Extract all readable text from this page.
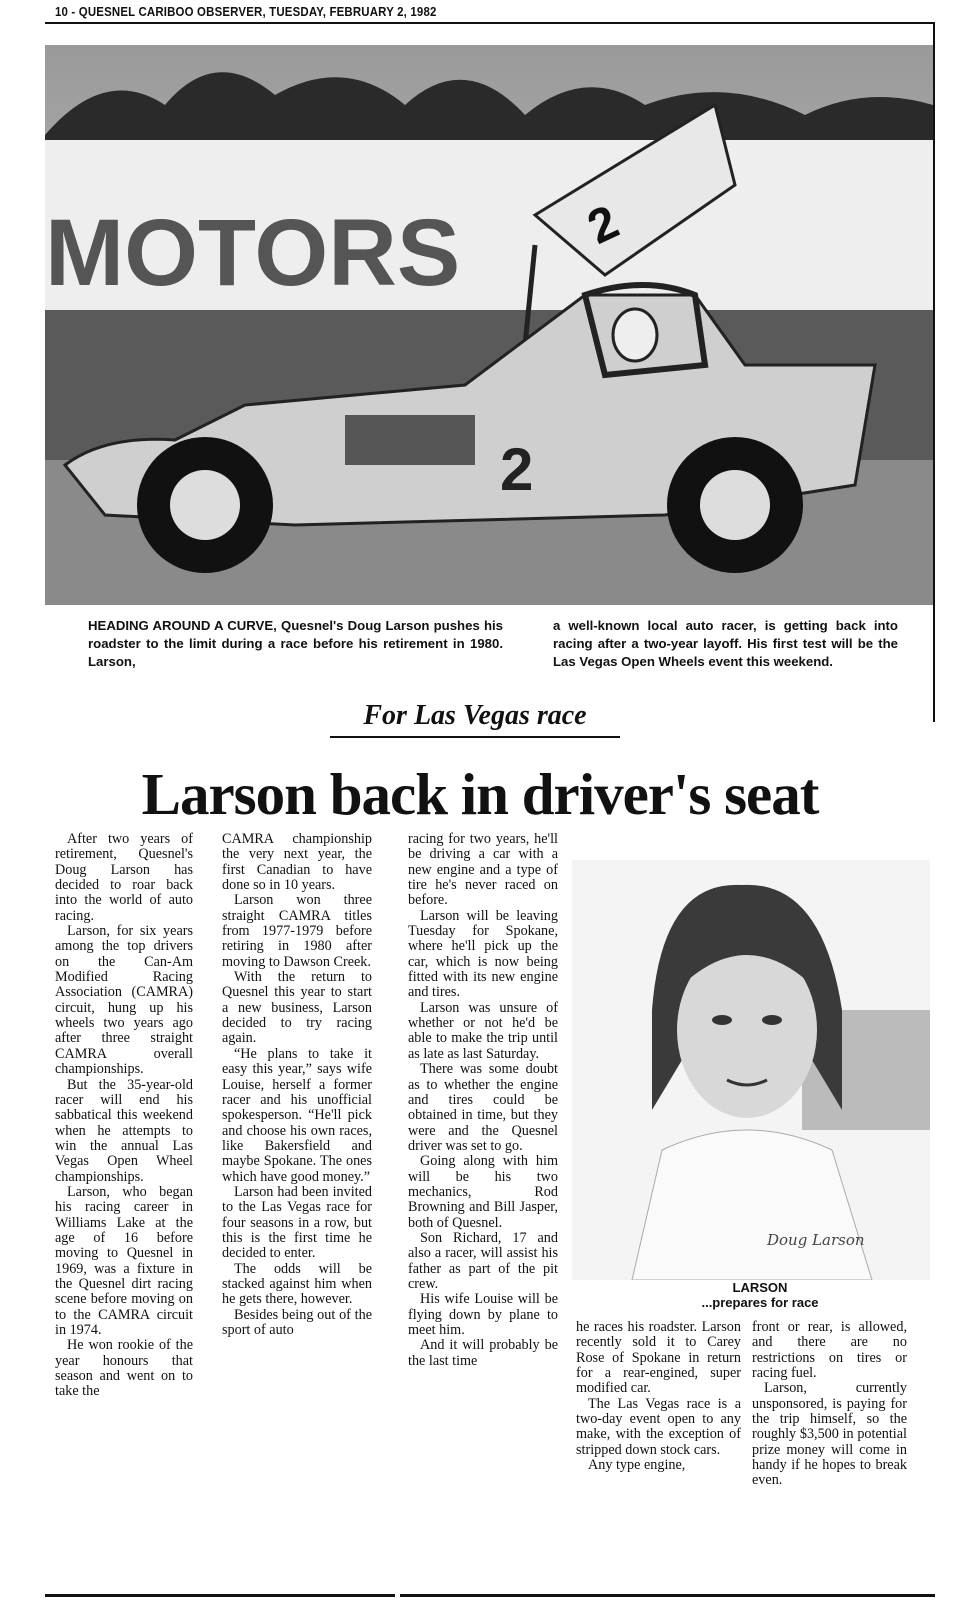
10 - QUESNEL CARIBOO OBSERVER, TUESDAY, FEBRUARY 2, 1982
MOTORS 2
2
HEADING AROUND A CURVE, Quesnel's Doug Larson pushes his roadster to the limit during a race before his retirement in 1980. Larson,
a well-known local auto racer, is getting back into racing after a two-year layoff. His first test will be the Las Vegas Open Wheels event this weekend.
For Las Vegas race
Larson back in driver's seat

After two years of retirement, Quesnel's Doug Larson has decided to roar back into the world of auto racing.

Larson, for six years among the top drivers on the Can-Am Modified Racing Association (CAMRA) circuit, hung up his wheels two years ago after three straight CAMRA overall championships.

But the 35-year-old racer will end his sabbatical this weekend when he attempts to win the annual Las Vegas Open Wheel championships.

Larson, who began his racing career in Williams Lake at the age of 16 before moving to Quesnel in 1969, was a fixture in the Quesnel dirt racing scene before moving on to the CAMRA circuit in 1974.

He won rookie of the year honours that season and went on to take the

CAMRA championship the very next year, the first Canadian to have done so in 10 years.

Larson won three straight CAMRA titles from 1977-1979 before retiring in 1980 after moving to Dawson Creek.

With the return to Quesnel this year to start a new business, Larson decided to try racing again.

“He plans to take it easy this year,” says wife Louise, herself a former racer and his unofficial spokesperson. “He'll pick and choose his own races, like Bakersfield and maybe Spokane. The ones which have good money.”

Larson had been invited to the Las Vegas race for four seasons in a row, but this is the first time he decided to enter.

The odds will be stacked against him when he gets there, however.

Besides being out of the sport of auto

racing for two years, he'll be driving a car with a new engine and a type of tire he's never raced on before.

Larson will be leaving Tuesday for Spokane, where he'll pick up the car, which is now being fitted with its new engine and tires.

Larson was unsure of whether or not he'd be able to make the trip until as late as last Saturday.

There was some doubt as to whether the engine and tires could be obtained in time, but they were and the Quesnel driver was set to go.

Going along with him will be his two mechanics, Rod Browning and Bill Jasper, both of Quesnel.

Son Richard, 17 and also a racer, will assist his father as part of the pit crew.

His wife Louise will be flying down by plane to meet him.

And it will probably be the last time

Doug Larson
LARSON
...prepares for race

he races his roadster. Larson recently sold it to Carey Rose of Spokane in return for a rear-engined, super modified car.

The Las Vegas race is a two-day event open to any make, with the exception of stripped down stock cars.

Any type engine,

front or rear, is allowed, and there are no restrictions on tires or racing fuel.

Larson, currently unsponsored, is paying for the trip himself, so the roughly $3,500 in potential prize money will come in handy if he hopes to break even.
